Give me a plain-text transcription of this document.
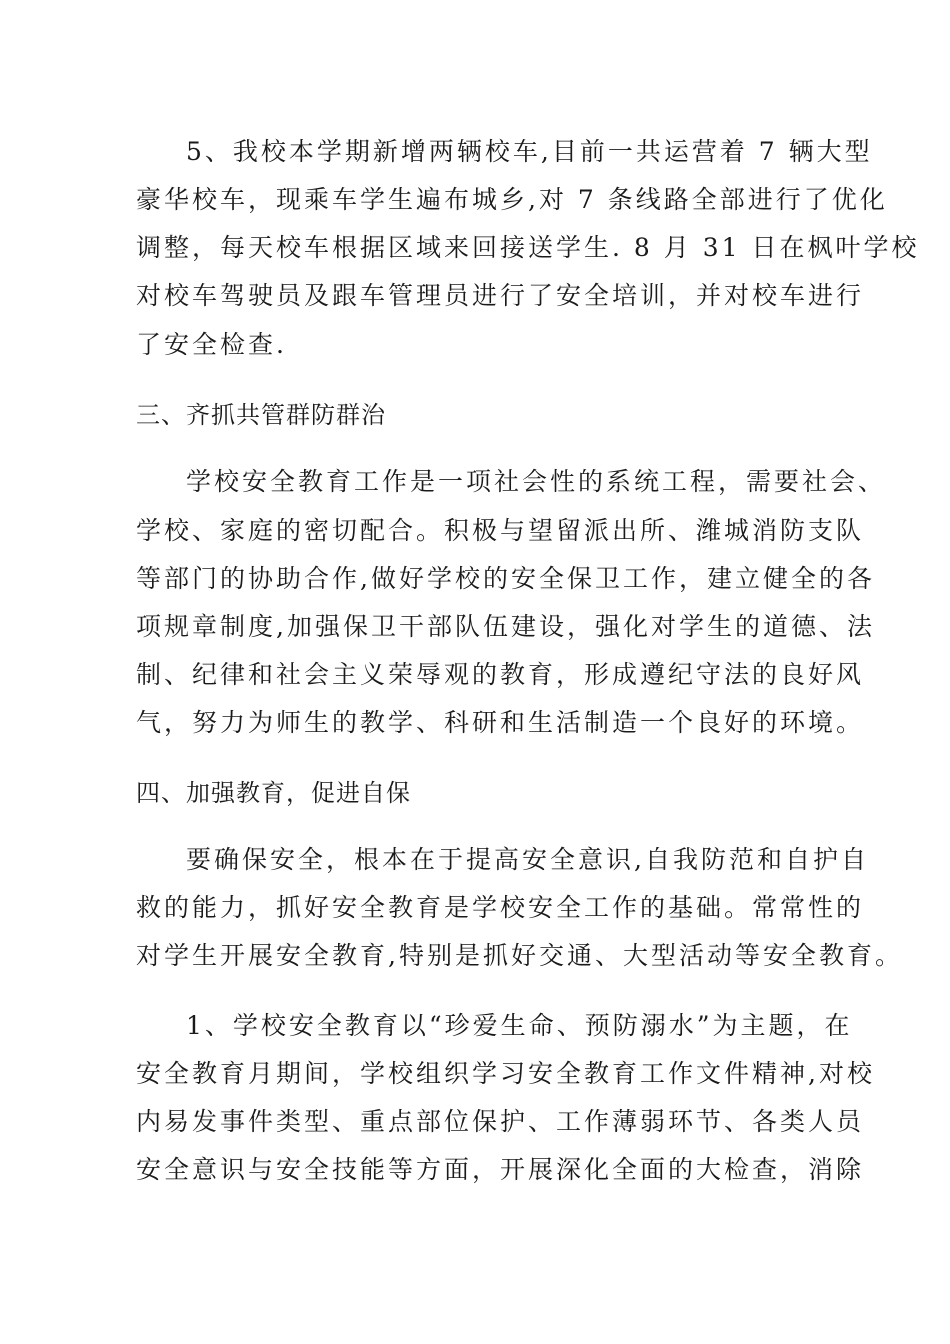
5、我校本学期新增两辆校车,目前一共运营着 7 辆大型
豪华校车，现乘车学生遍布城乡,对 7 条线路全部进行了优化
调整，每天校车根据区域来回接送学生. 8 月 31 日在枫叶学校
对校车驾驶员及跟车管理员进行了安全培训，并对校车进行
了安全检查.
三、齐抓共管群防群治
学校安全教育工作是一项社会性的系统工程，需要社会、
学校、家庭的密切配合。积极与望留派出所、潍城消防支队
等部门的协助合作,做好学校的安全保卫工作，建立健全的各
项规章制度,加强保卫干部队伍建设，强化对学生的道德、法
制、纪律和社会主义荣辱观的教育，形成遵纪守法的良好风
气，努力为师生的教学、科研和生活制造一个良好的环境。
四、加强教育，促进自保
要确保安全，根本在于提高安全意识,自我防范和自护自
救的能力，抓好安全教育是学校安全工作的基础。常常性的
对学生开展安全教育,特别是抓好交通、大型活动等安全教育。
1、学校安全教育以“珍爱生命、预防溺水”为主题，在
安全教育月期间，学校组织学习安全教育工作文件精神,对校
内易发事件类型、重点部位保护、工作薄弱环节、各类人员
安全意识与安全技能等方面，开展深化全面的大检查，消除
